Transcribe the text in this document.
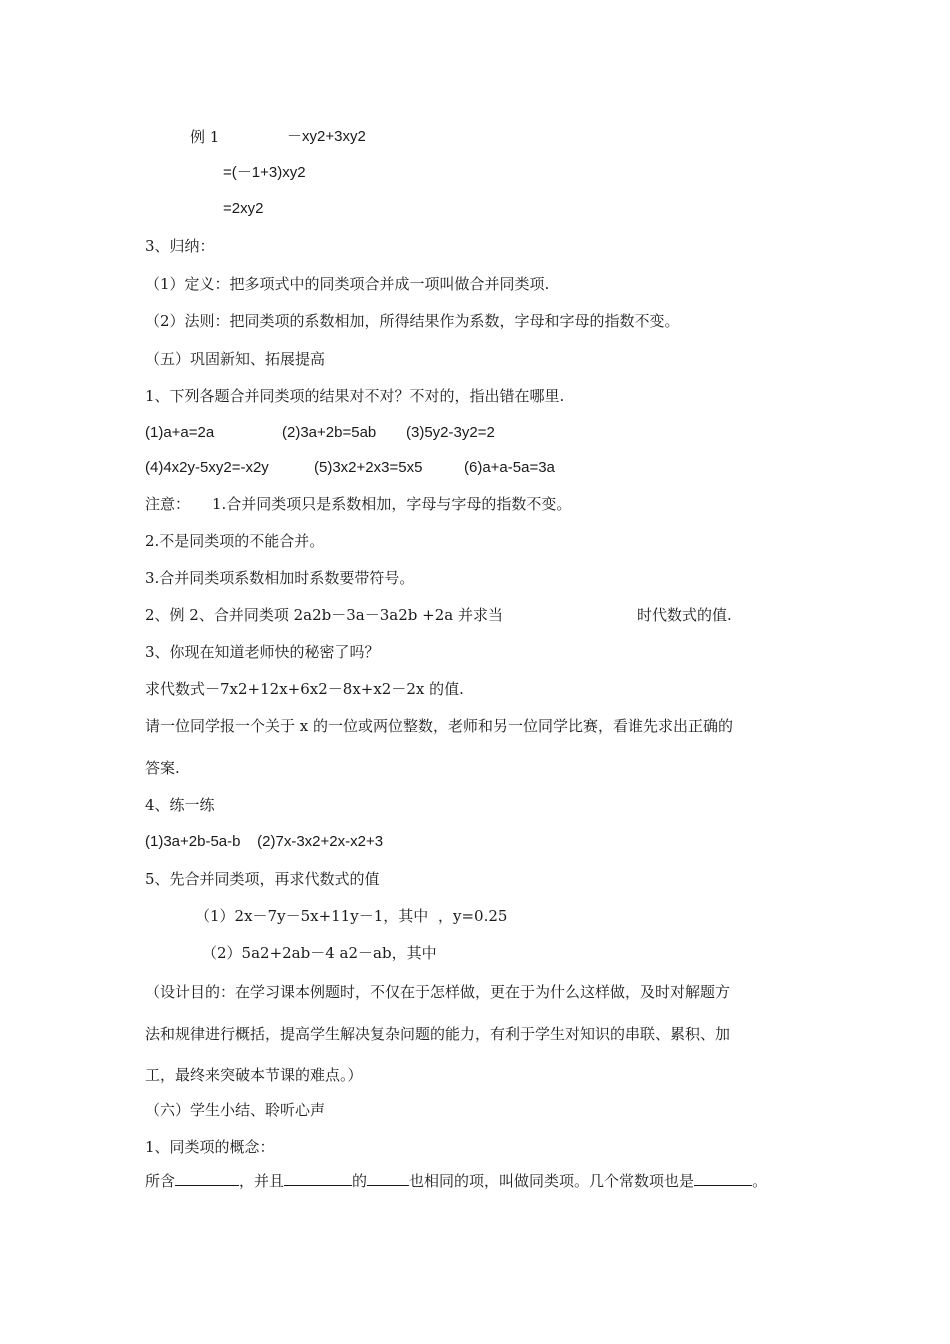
例 1	－xy2+3xy2
=(－1+3)xy2
=2xy2
3、归纳：
（1）定义：把多项式中的同类项合并成一项叫做合并同类项.
（2）法则：把同类项的系数相加，所得结果作为系数，字母和字母的指数不变。
（五）巩固新知、拓展提高
1、下列各题合并同类项的结果对不对？不对的，指出错在哪里.
(1)a+a=2a	(2)3a+2b=5ab (3)5y2-3y2=2
(4)4x2y-5xy2=-x2y	(5)3x2+2x3=5x5	(6)a+a-5a=3a
注意： 1.合并同类项只是系数相加，字母与字母的指数不变。
2.不是同类项的不能合并。
3.合并同类项系数相加时系数要带符号。
2、例 2、合并同类项 2a2b－3a－3a2b +2a 并求当	时代数式的值.
3、你现在知道老师快的秘密了吗？
求代数式－7x2+12x+6x2－8x+x2－2x 的值.
请一位同学报一个关于 x 的一位或两位整数，老师和另一位同学比赛，看谁先求出正确的
答案.
4、练一练
(1)3a+2b-5a-b    (2)7x-3x2+2x-x2+3
5、先合并同类项，再求代数式的值
（1）2x－7y－5x+11y－1，其中 ，y=0.25
（2）5a2+2ab－4 a2－ab，其中
（设计目的：在学习课本例题时，不仅在于怎样做，更在于为什么这样做，及时对解题方
法和规律进行概括，提高学生解决复杂问题的能力，有利于学生对知识的串联、累积、加
工，最终来突破本节课的难点。）
（六）学生小结、聆听心声
1、同类项的概念：
所含	，并且	的	也相同的项，叫做同类项。几个常数项也是	。
